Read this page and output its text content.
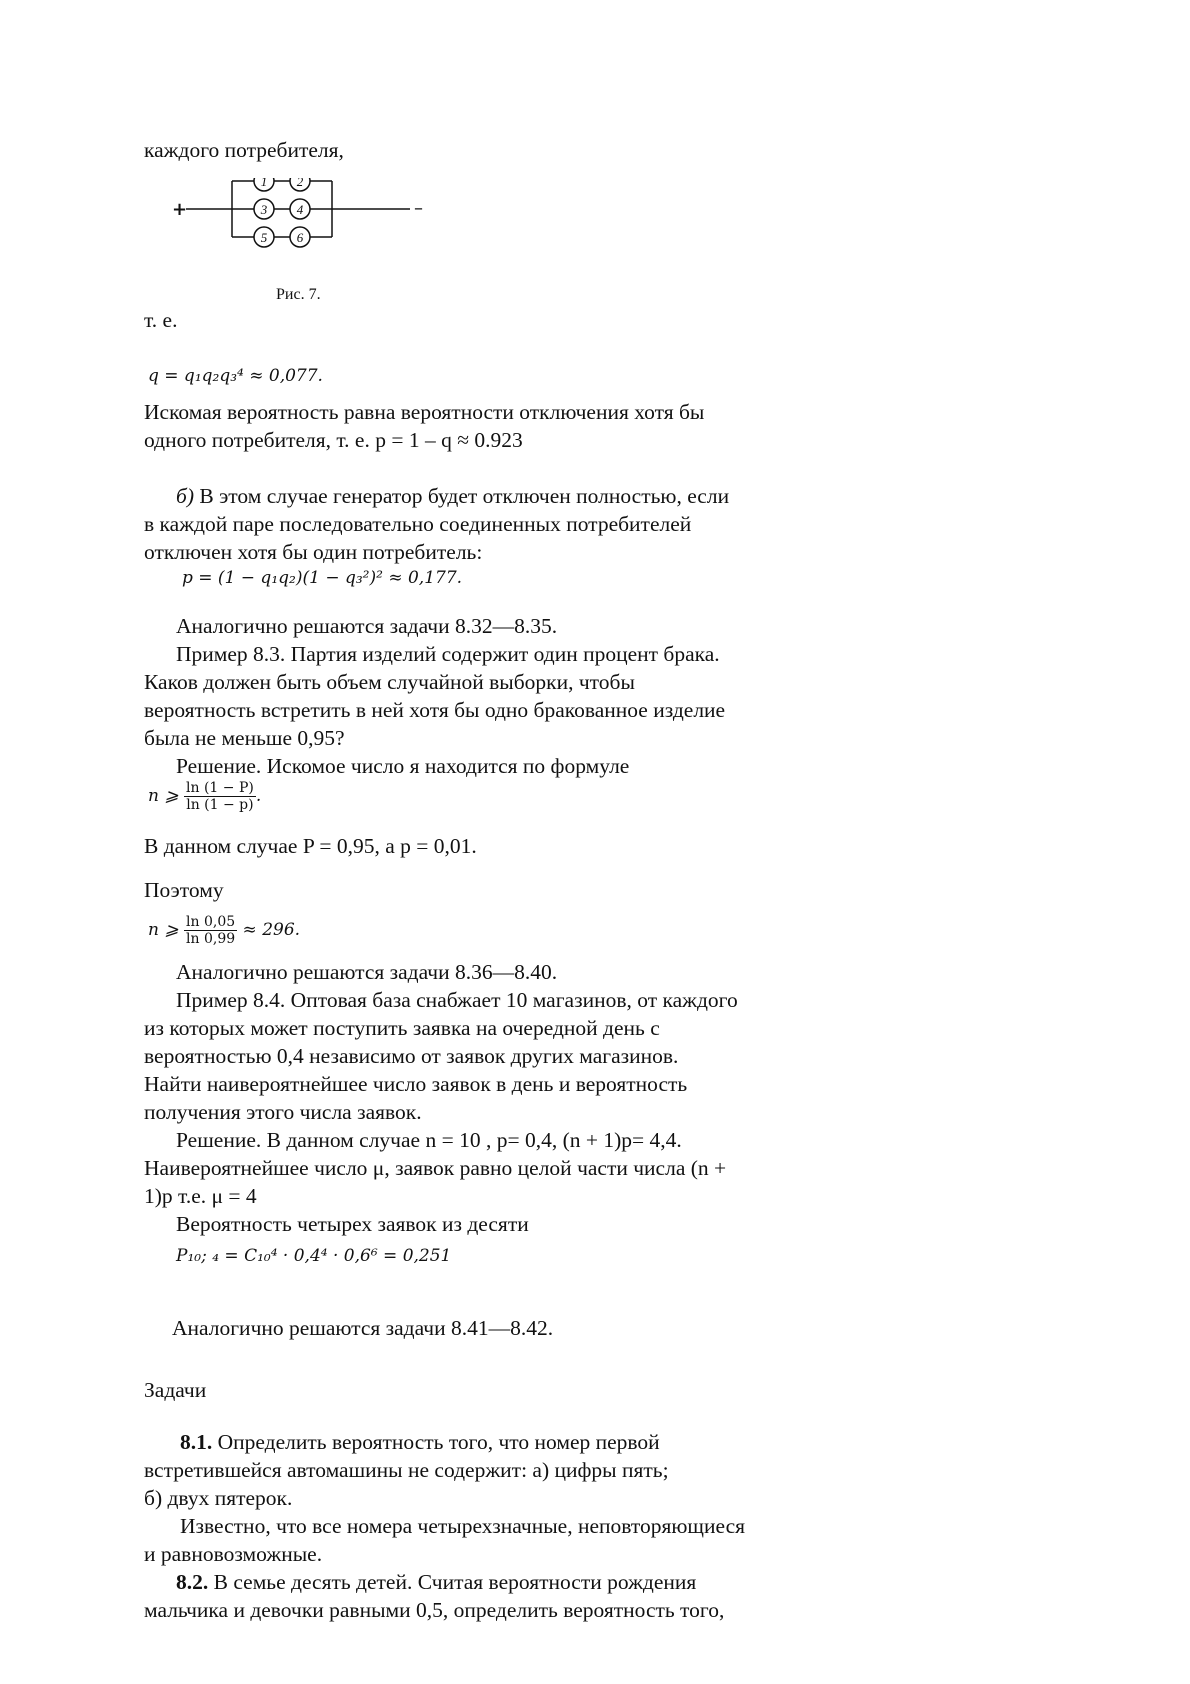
каждого потребителя,
+	–
1 2
3 4
5 6
Рис. 7.
т. е.
q = q₁q₂q₃⁴ ≈ 0,077.
Искомая вероятность равна вероятности отключения хотя бы
одного потребителя, т. е. p = 1 – q ≈ 0.923
б) В этом случае генератор будет отключен полностью, если
в каждой паре последовательно соединенных потребителей
отключен хотя бы один потребитель:
p = (1 − q₁q₂)(1 − q₃²)² ≈ 0,177.
Аналогично решаются задачи 8.32—8.35.
Пример 8.3. Партия изделий содержит один процент брака.
Каков должен быть объем случайной выборки, чтобы
вероятность встретить в ней хотя бы одно бракованное изделие
была не меньше 0,95?
Решение. Искомое число я находится по формуле
n ⩾ $\frac{\ln (1 - P)}{\ln (1 - p)}$ .
В данном случае P = 0,95, а p = 0,01.
Поэтому
n ⩾ $\frac{\ln 0,05}{\ln 0,99} \approx 296$.
Аналогично решаются задачи 8.36—8.40.
Пример 8.4. Оптовая база снабжает 10 магазинов, от каждого
из которых может поступить заявка на очередной день с
вероятностью 0,4 независимо от заявок других магазинов.
Найти наивероятнейшее число заявок в день и вероятность
получения этого числа заявок.
Решение. В данном случае n = 10 , p= 0,4, (n + 1)p= 4,4.
Наивероятнейшее число μ, заявок равно целой части числа (n +
1)p т.е. μ = 4
Вероятность четырех заявок из десяти
P₁₀; ₄ = C₁₀⁴ · 0,4⁴ · 0,6⁶ = 0,251
Аналогично решаются задачи 8.41—8.42.
Задачи
8.1. Определить вероятность того, что номер первой
встретившейся автомашины не содержит: а) цифры пять;
б) двух пятерок.
Известно, что все номера четырехзначные, неповторяющиеся
и равновозможные.
8.2. В семье десять детей. Считая вероятности рождения
мальчика и девочки равными 0,5, определить вероятность того,
